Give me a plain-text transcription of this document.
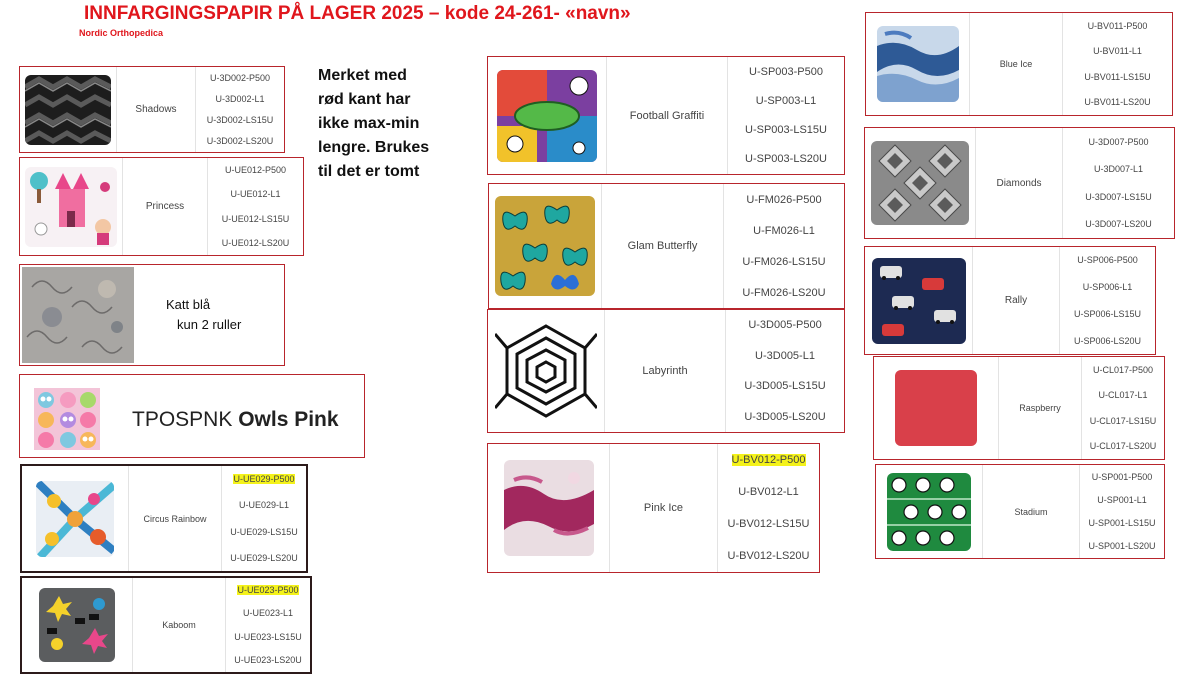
INNFARGINGSPAPIR PÅ LAGER 2025 – kode 24-261- «navn»
Nordic Orthopedica
Merket med
rød kant har
ikke max-min
lengre. Brukes
til det er tomt
Shadows
U-3D002-P500
U-3D002-L1
U-3D002-LS15U
U-3D002-LS20U
Princess
U-UE012-P500
U-UE012-L1
U-UE012-LS15U
U-UE012-LS20U
Katt blå
kun 2 ruller
TPOSPNK Owls Pink
Circus Rainbow
U-UE029-P500
U-UE029-L1
U-UE029-LS15U
U-UE029-LS20U
Kaboom
U-UE023-P500
U-UE023-L1
U-UE023-LS15U
U-UE023-LS20U
Football Graffiti
U-SP003-P500
U-SP003-L1
U-SP003-LS15U
U-SP003-LS20U
Glam Butterfly
U-FM026-P500
U-FM026-L1
U-FM026-LS15U
U-FM026-LS20U
Labyrinth
U-3D005-P500
U-3D005-L1
U-3D005-LS15U
U-3D005-LS20U
Pink Ice
U-BV012-P500
U-BV012-L1
U-BV012-LS15U
U-BV012-LS20U
Blue Ice
U-BV011-P500
U-BV011-L1
U-BV011-LS15U
U-BV011-LS20U
Diamonds
U-3D007-P500
U-3D007-L1
U-3D007-LS15U
U-3D007-LS20U
Rally
U-SP006-P500
U-SP006-L1
U-SP006-LS15U
U-SP006-LS20U
Raspberry
U-CL017-P500
U-CL017-L1
U-CL017-LS15U
U-CL017-LS20U
Stadium
U-SP001-P500
U-SP001-L1
U-SP001-LS15U
U-SP001-LS20U
